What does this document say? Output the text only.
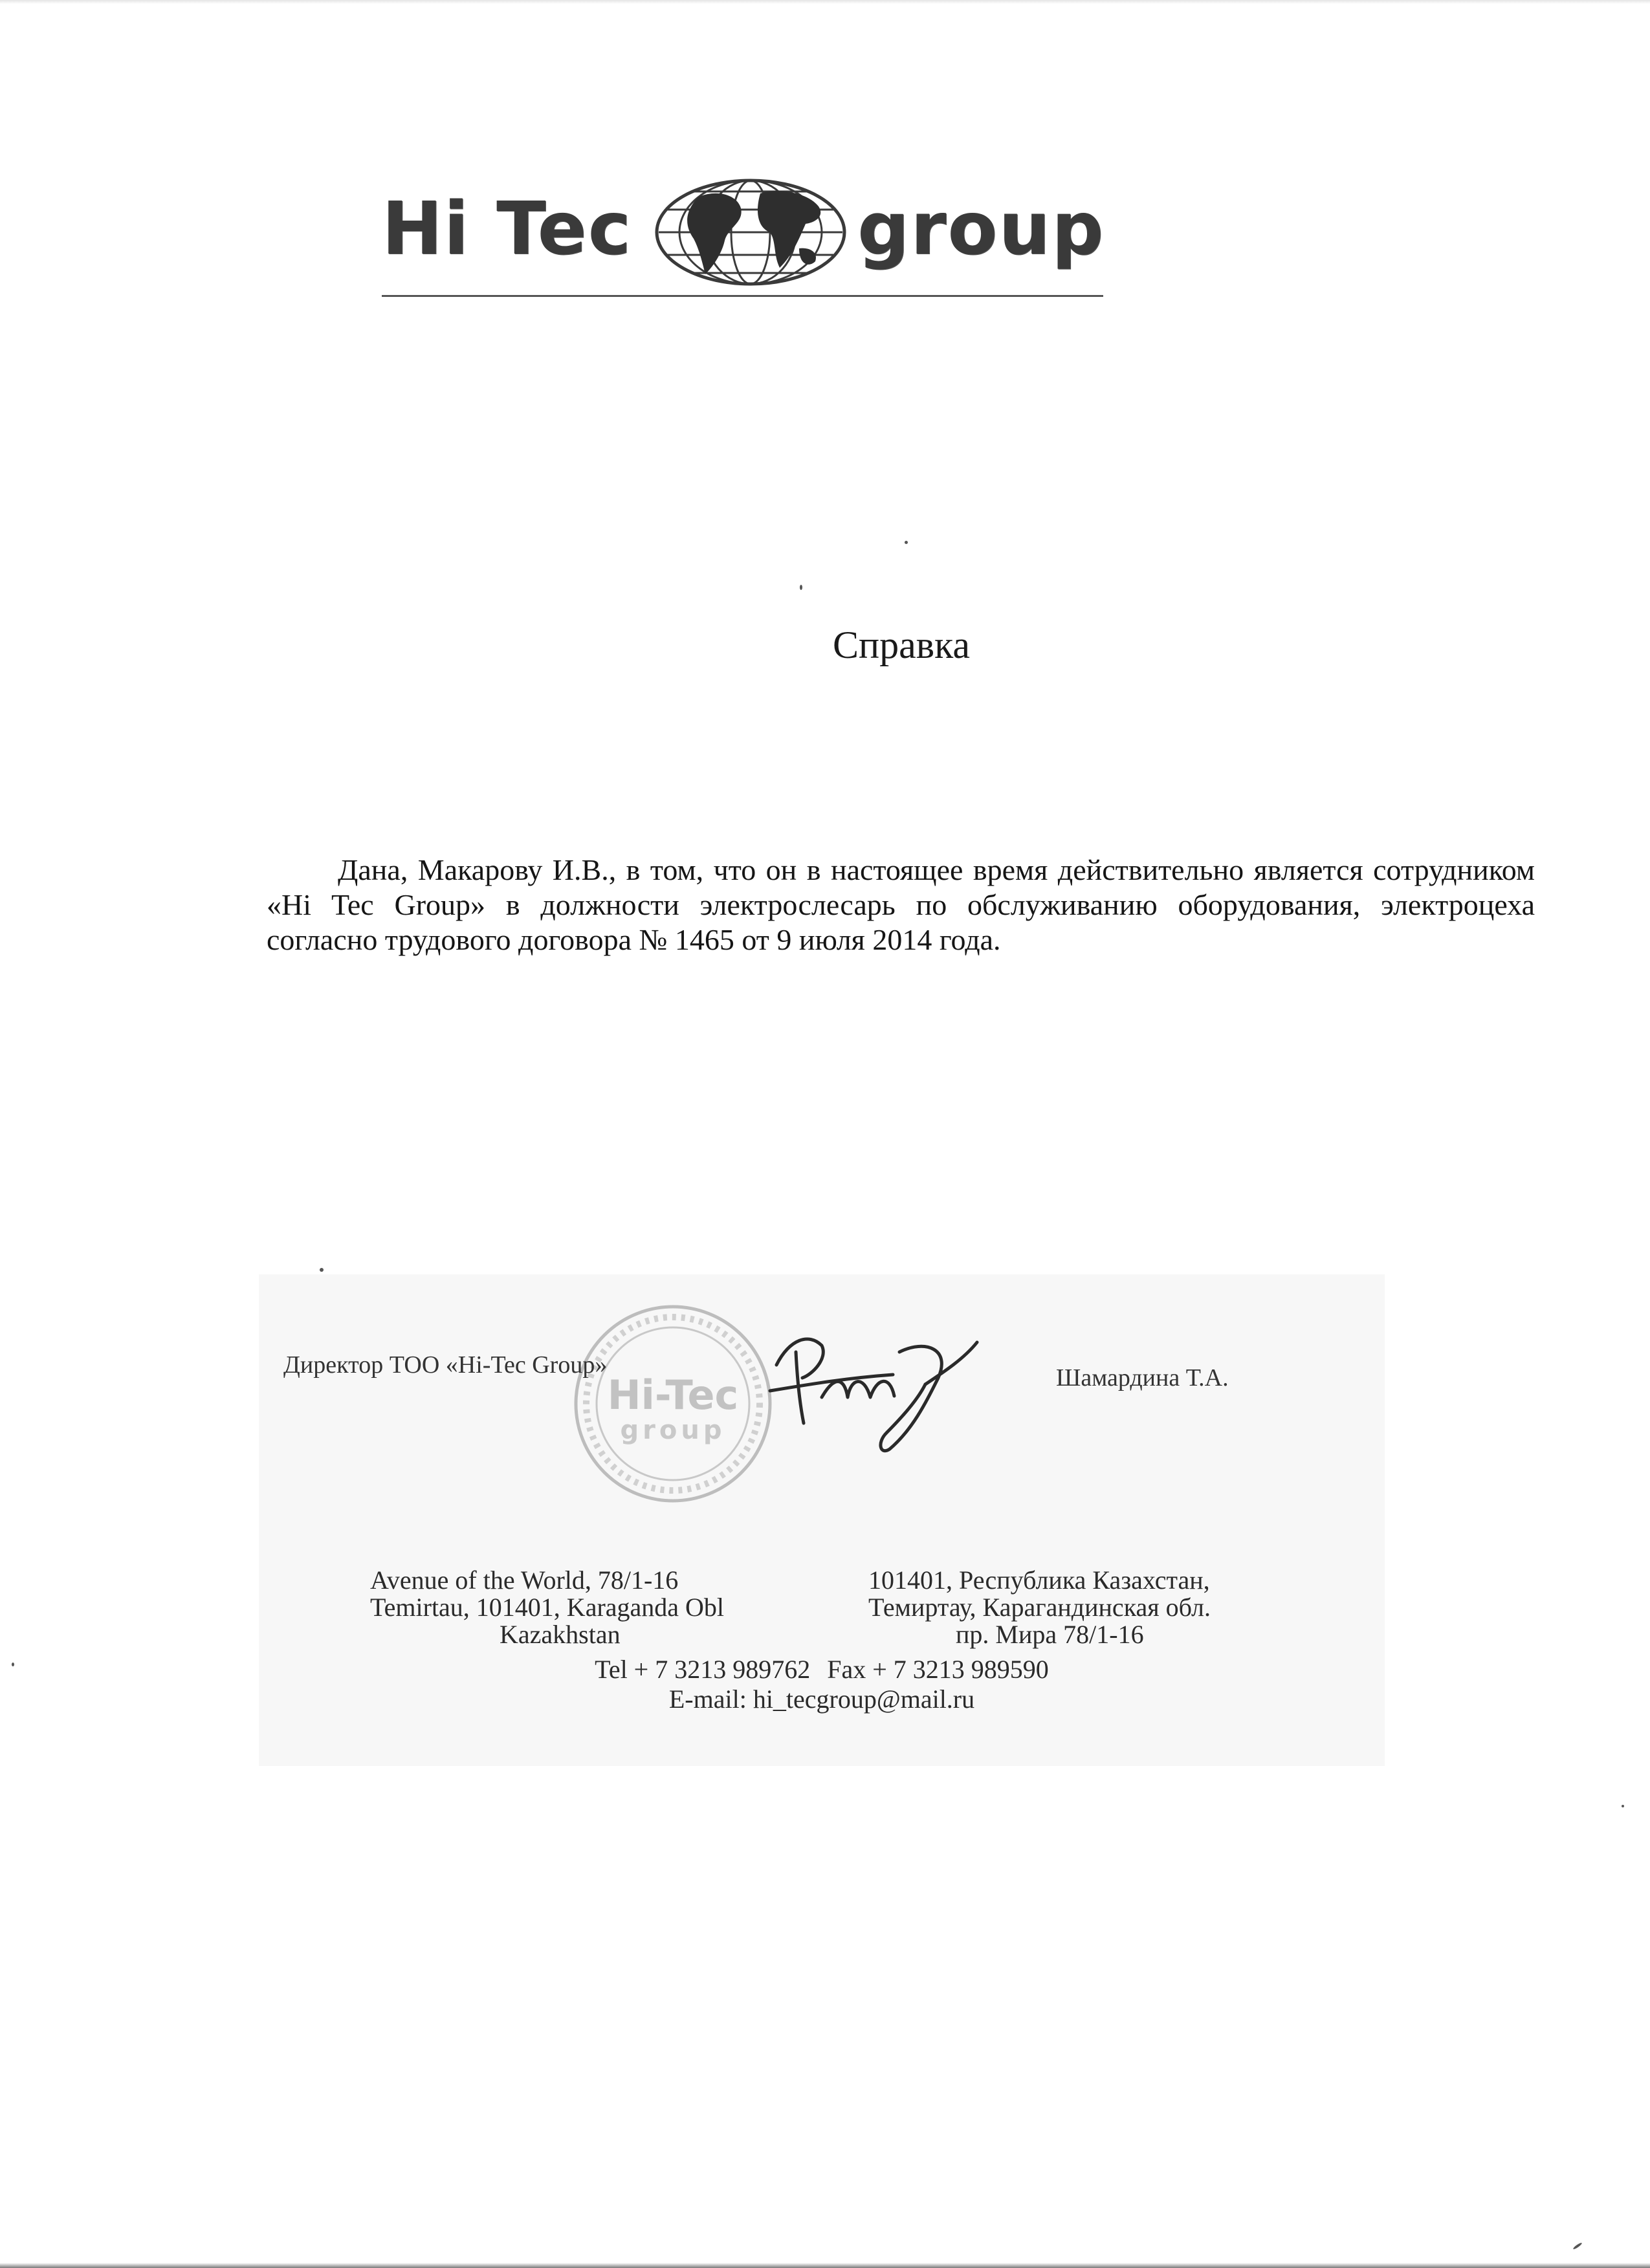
Hi Tec	group
Справка
Дана, Макарову И.В., в том, что он в настоящее время действительно является сотрудником «Hi Tec Group» в должности электрослесарь по обслуживанию оборудования, электроцеха согласно трудового договора № 1465 от 9 июля 2014 года.
Hi-Tec
group
Директор ТОО «Hi-Tec Group»	Шамардина Т.А.
Avenue of the World, 78/1-16
Temirtau, 101401, Karaganda Obl
Kazakhstan
101401, Республика Казахстан,
Темиртау, Карагандинская обл.
пр. Мира 78/1-16
Tel + 7 3213 989762 Fax + 7 3213 989590
E-mail: hi_tecgroup@mail.ru
